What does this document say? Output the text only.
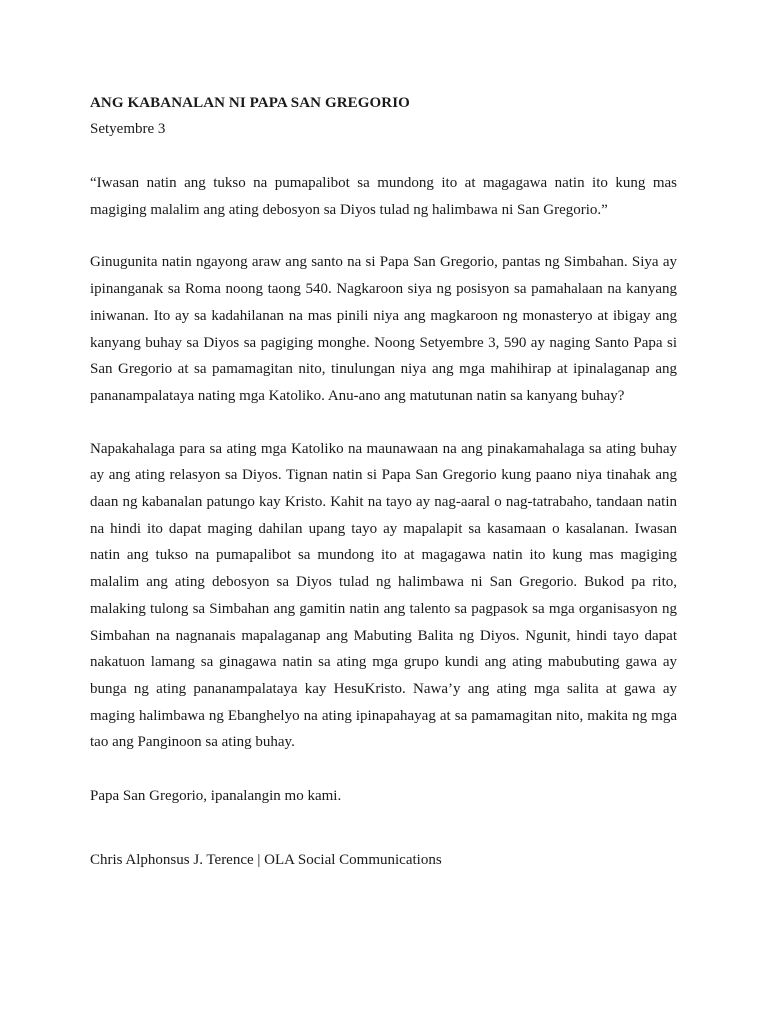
ANG KABANALAN NI PAPA SAN GREGORIO

Setyembre 3

“Iwasan natin ang tukso na pumapalibot sa mundong ito at magagawa natin ito kung mas magiging malalim ang ating debosyon sa Diyos tulad ng halimbawa ni San Gregorio.”

Ginugunita natin ngayong araw ang santo na si Papa San Gregorio, pantas ng Simbahan. Siya ay ipinanganak sa Roma noong taong 540. Nagkaroon siya ng posisyon sa pamahalaan na kanyang iniwanan. Ito ay sa kadahilanan na mas pinili niya ang magkaroon ng monasteryo at ibigay ang kanyang buhay sa Diyos sa pagiging monghe. Noong Setyembre 3, 590 ay naging Santo Papa si San Gregorio at sa pamamagitan nito, tinulungan niya ang mga mahihirap at ipinalaganap ang pananampalataya nating mga Katoliko. Anu-ano ang matutunan natin sa kanyang buhay?

Napakahalaga para sa ating mga Katoliko na maunawaan na ang pinakamahalaga sa ating buhay ay ang ating relasyon sa Diyos. Tignan natin si Papa San Gregorio kung paano niya tinahak ang daan ng kabanalan patungo kay Kristo. Kahit na tayo ay nag-aaral o nag-tatrabaho, tandaan natin na hindi ito dapat maging dahilan upang tayo ay mapalapit sa kasamaan o kasalanan. Iwasan natin ang tukso na pumapalibot sa mundong ito at magagawa natin ito kung mas magiging malalim ang ating debosyon sa Diyos tulad ng halimbawa ni San Gregorio. Bukod pa rito, malaking tulong sa Simbahan ang gamitin natin ang talento sa pagpasok sa mga organisasyon ng Simbahan na nagnanais mapalaganap ang Mabuting Balita ng Diyos. Ngunit, hindi tayo dapat nakatuon lamang sa ginagawa natin sa ating mga grupo kundi ang ating mabubuting gawa ay bunga ng ating pananampalataya kay HesuKristo. Nawa’y ang ating mga salita at gawa ay maging halimbawa ng Ebanghelyo na ating ipinapahayag at sa pamamagitan nito, makita ng mga tao ang Panginoon sa ating buhay.

Papa San Gregorio, ipanalangin mo kami.

Chris Alphonsus J. Terence | OLA Social Communications
